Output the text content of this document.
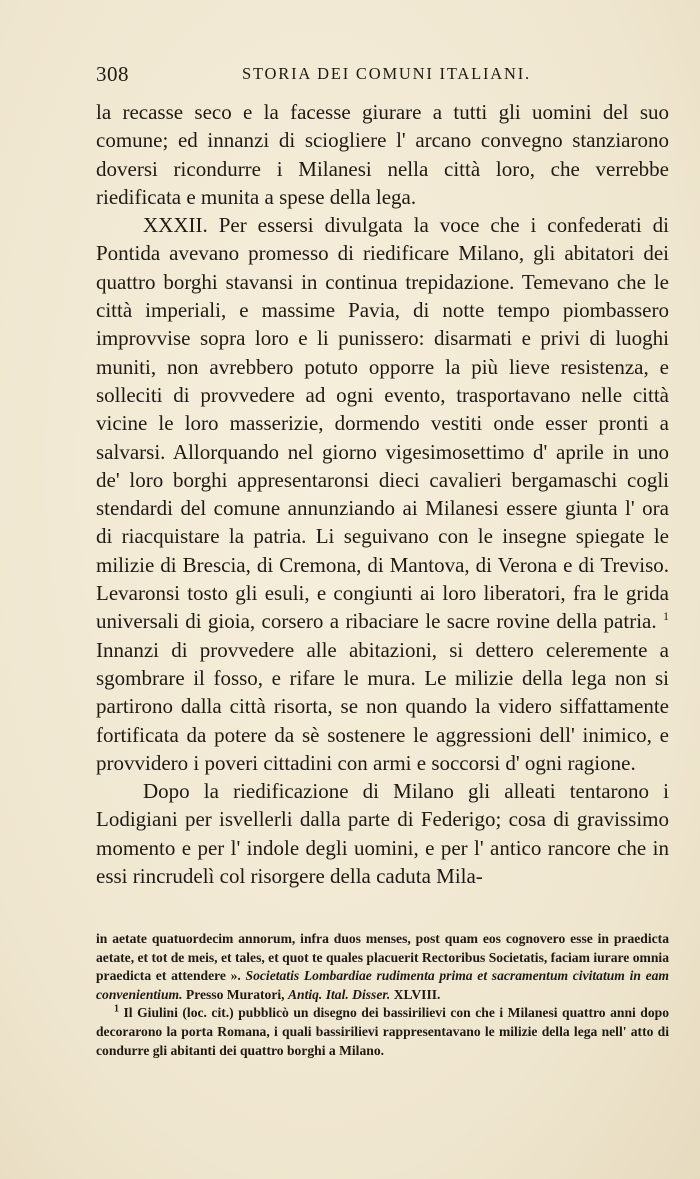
308	STORIA DEI COMUNI ITALIANI.

la recasse seco e la facesse giurare a tutti gli uomini del suo comune; ed innanzi di sciogliere l' arcano convegno stanziarono doversi ricondurre i Milanesi nella città loro, che verrebbe riedificata e munita a spese della lega.

XXXII. Per essersi divulgata la voce che i confederati di Pontida avevano promesso di riedificare Milano, gli abitatori dei quattro borghi stavansi in continua trepidazione. Temevano che le città imperiali, e massime Pavia, di notte tempo piombassero improvvise sopra loro e li punissero: disarmati e privi di luoghi muniti, non avrebbero potuto opporre la più lieve resistenza, e solleciti di provvedere ad ogni evento, trasportavano nelle città vicine le loro masserizie, dormendo vestiti onde esser pronti a salvarsi. Allorquando nel giorno vigesimosettimo d' aprile in uno de' loro borghi appresentaronsi dieci cavalieri bergamaschi cogli stendardi del comune annunziando ai Milanesi essere giunta l' ora di riacquistare la patria. Li seguivano con le insegne spiegate le milizie di Brescia, di Cremona, di Mantova, di Verona e di Treviso. Levaronsi tosto gli esuli, e congiunti ai loro liberatori, fra le grida universali di gioia, corsero a ribaciare le sacre rovine della patria. $^1$ Innanzi di provvedere alle abitazioni, si dettero celeremente a sgombrare il fosso, e rifare le mura. Le milizie della lega non si partirono dalla città risorta, se non quando la videro siffattamente fortificata da potere da sè sostenere le aggressioni dell' inimico, e provvidero i poveri cittadini con armi e soccorsi d' ogni ragione.

Dopo la riedificazione di Milano gli alleati tentarono i Lodigiani per isvellerli dalla parte di Federigo; cosa di gravissimo momento e per l' indole degli uomini, e per l' antico rancore che in essi rincrudelì col risorgere della caduta Mila-

in aetate quatuordecim annorum, infra duos menses, post quam eos cognovero esse in praedicta aetate, et tot de meis, et tales, et quot te quales placuerit Rectoribus Societatis, faciam iurare omnia praedicta et attendere ». Societatis Lombardiae rudimenta prima et sacramentum civitatum in eam convenientium. Presso Muratori, Antiq. Ital. Disser. XLVIII.

$^1$ Il Giulini (loc. cit.) pubblicò un disegno dei bassirilievi con che i Milanesi quattro anni dopo decorarono la porta Romana, i quali bassirilievi rappresentavano le milizie della lega nell' atto di condurre gli abitanti dei quattro borghi a Milano.
